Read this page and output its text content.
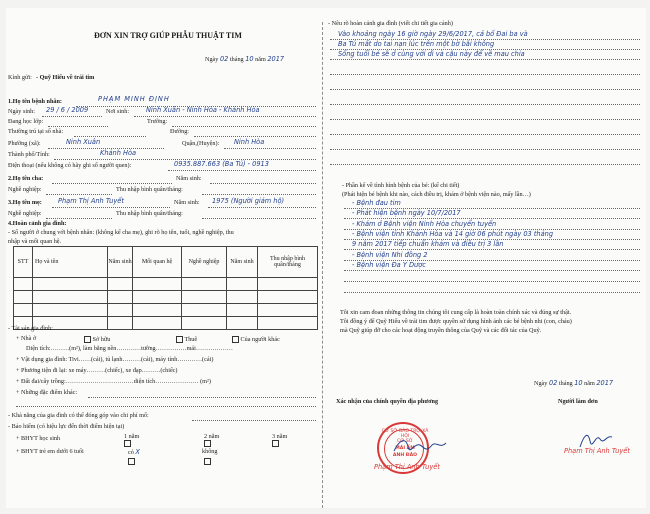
ĐƠN XIN TRỢ GIÚP PHẪU THUẬT TIM
Ngày 02 tháng 10 năm 2017
Kính gửi: - Quỹ Hiếu về trái tim
1.Họ tên bệnh nhân:	PHẠM MINH ĐỊNH
Ngày sinh: 29 / 6 / 2009	Nơi sinh:	Ninh Xuân - Ninh Hòa - Khánh Hòa
Đang học lớp:	Trường:
Thường trú tại số nhà:	Đường:
Phường (xã):	Ninh Xuân	Quận,(Huyện): Ninh Hòa
Thành phố/Tỉnh:	Khánh Hòa
Điện thoại (nếu không có hãy ghi số người quen):	0935.887.663 (Ba Tú) - 0913
2.Họ tên cha:	Năm sinh:
Nghề nghiệp:	Thu nhập bình quân/tháng:
3.Họ tên mẹ: Phạm Thị Anh Tuyết	Năm sinh: 1975 (Người giám hộ)
Nghề nghiệp:	Thu nhập bình quân/tháng:
4.Hoàn cảnh gia đình:
- Số người ở chung với bệnh nhân: (không kể cha mẹ), ghi rõ họ tên, tuổi, nghề nghiệp, thu
nhập và mối quan hệ.
STT	Họ và tên	Năm sinh	Mối quan hệ	Nghề nghiệp	Năm sinh	Thu nhập bình quân/tháng

- Tài sản gia đình:
+ Nhà ở	Sở hữu	Thuê	Của người khác
Diện tích:………(m²), làm bằng nền…………tường……………mái………………
+ Vật dụng gia đình: Tivi……(cái), tủ lạnh………(cái), máy tính…………(cái)
+ Phương tiện đi lại: xe máy………(chiếc), xe đạp………(chiếc)
+ Đất đai/cây trồng:……………………………diện tích………………… (m²)
+ Những đặc điểm khác:
- Khả năng của gia đình có thể đóng góp vào chi phí mổ:
- Bảo hiểm (có hiệu lực đến thời điểm hiện tại)
+ BHYT học sinh	1 năm	2 năm	3 năm

+ BHYT trẻ em dưới 6 tuổi	có X	không
- Nêu rõ hoàn cảnh gia đình (viết chi tiết gia cảnh)
Vào khoảng ngày 16 giờ ngày 29/6/2017, cả bố Đai ba và
Ba Tú mất do tai nạn lúc trên một bờ bãi không
Sống tuổi bé sẽ ở cùng với dì và cậu này để về mau chia
- Phần kể về tình hình bệnh của bé: (kể chi tiết)
(Phát hiện bé bệnh khi nào, cách điều trị, khám ở bệnh viện nào, mấy lần…)
- Bệnh đau tim
- Phát hiện bệnh ngày 10/7/2017
- Khám ở Bệnh viện Ninh Hòa chuyển tuyến
- Bệnh viện tỉnh Khánh Hòa và 14 giờ 06 phút ngày 03 tháng
9 năm 2017 tiếp chuẩn khám và điều trị 3 lần
- Bệnh viện Nhi đồng 2
- Bệnh viện Đa Y Dược
Tôi xin cam đoan những thông tin chúng tôi cung cấp là hoàn toàn chính xác và đúng sự thật.
Tôi đồng ý để Quỹ Hiếu về trái tim được quyền sử dụng hình ảnh các bé bệnh nhi (con, cháu)
mà Quỹ giúp đỡ cho các hoạt động truyền thông của Quỹ và các đối tác của Quỹ.
Ngày 02 tháng 10 năm 2017
Xác nhận của chính quyền địa phương	Người làm đơn
CƠ SỞ BẢO TRỢ XÃ HỘI
CƠ SỞ
MÁI ẤM
ANH ĐÀO
Phạm Thị Anh Tuyết
Phạm Thị Anh Tuyết
